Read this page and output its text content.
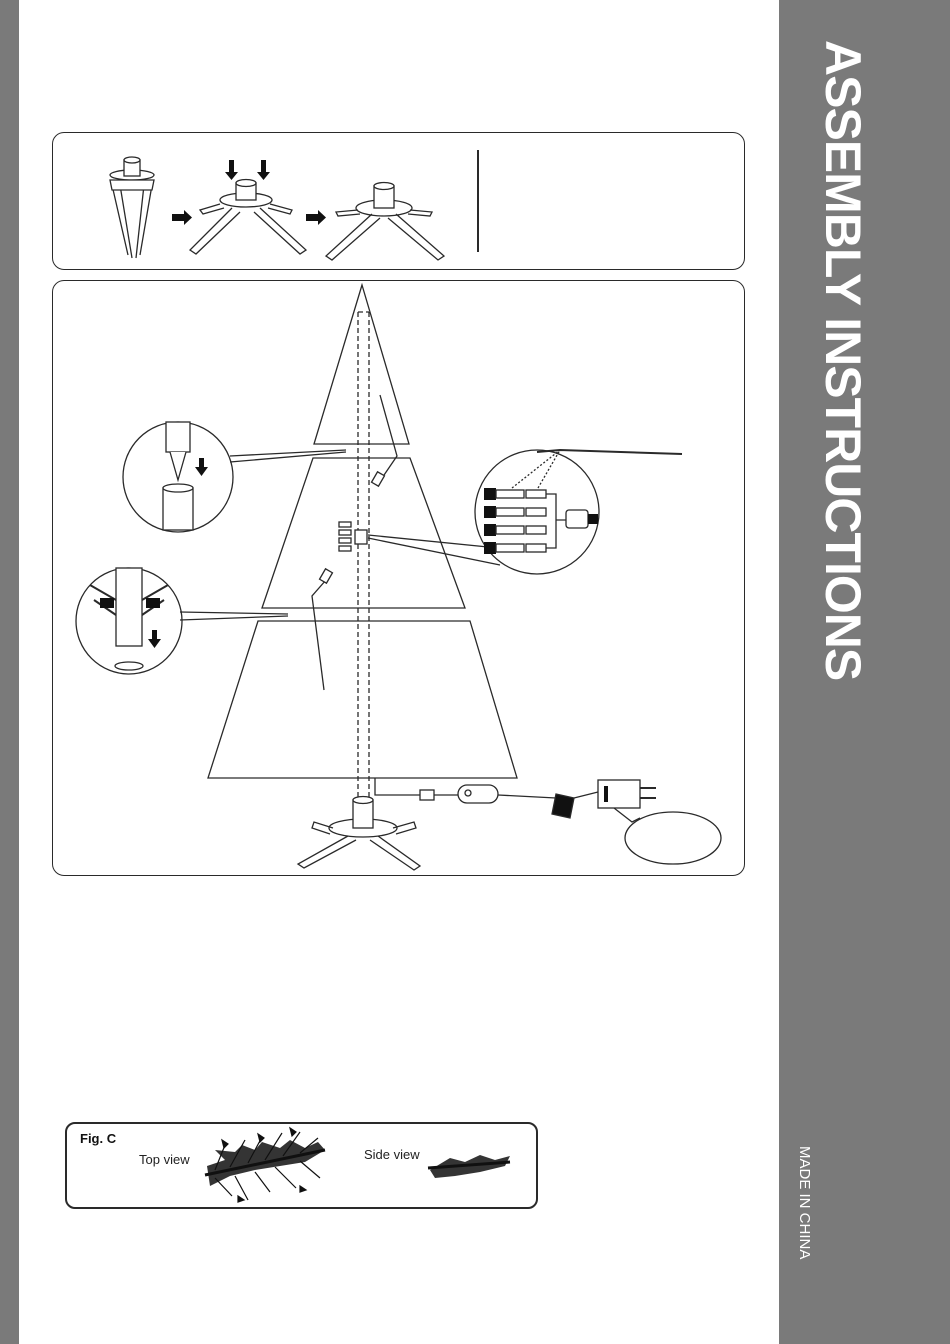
ASSEMBLY INSTRUCTIONS
MADE IN CHINA
Fig. C
Top view	Side view
